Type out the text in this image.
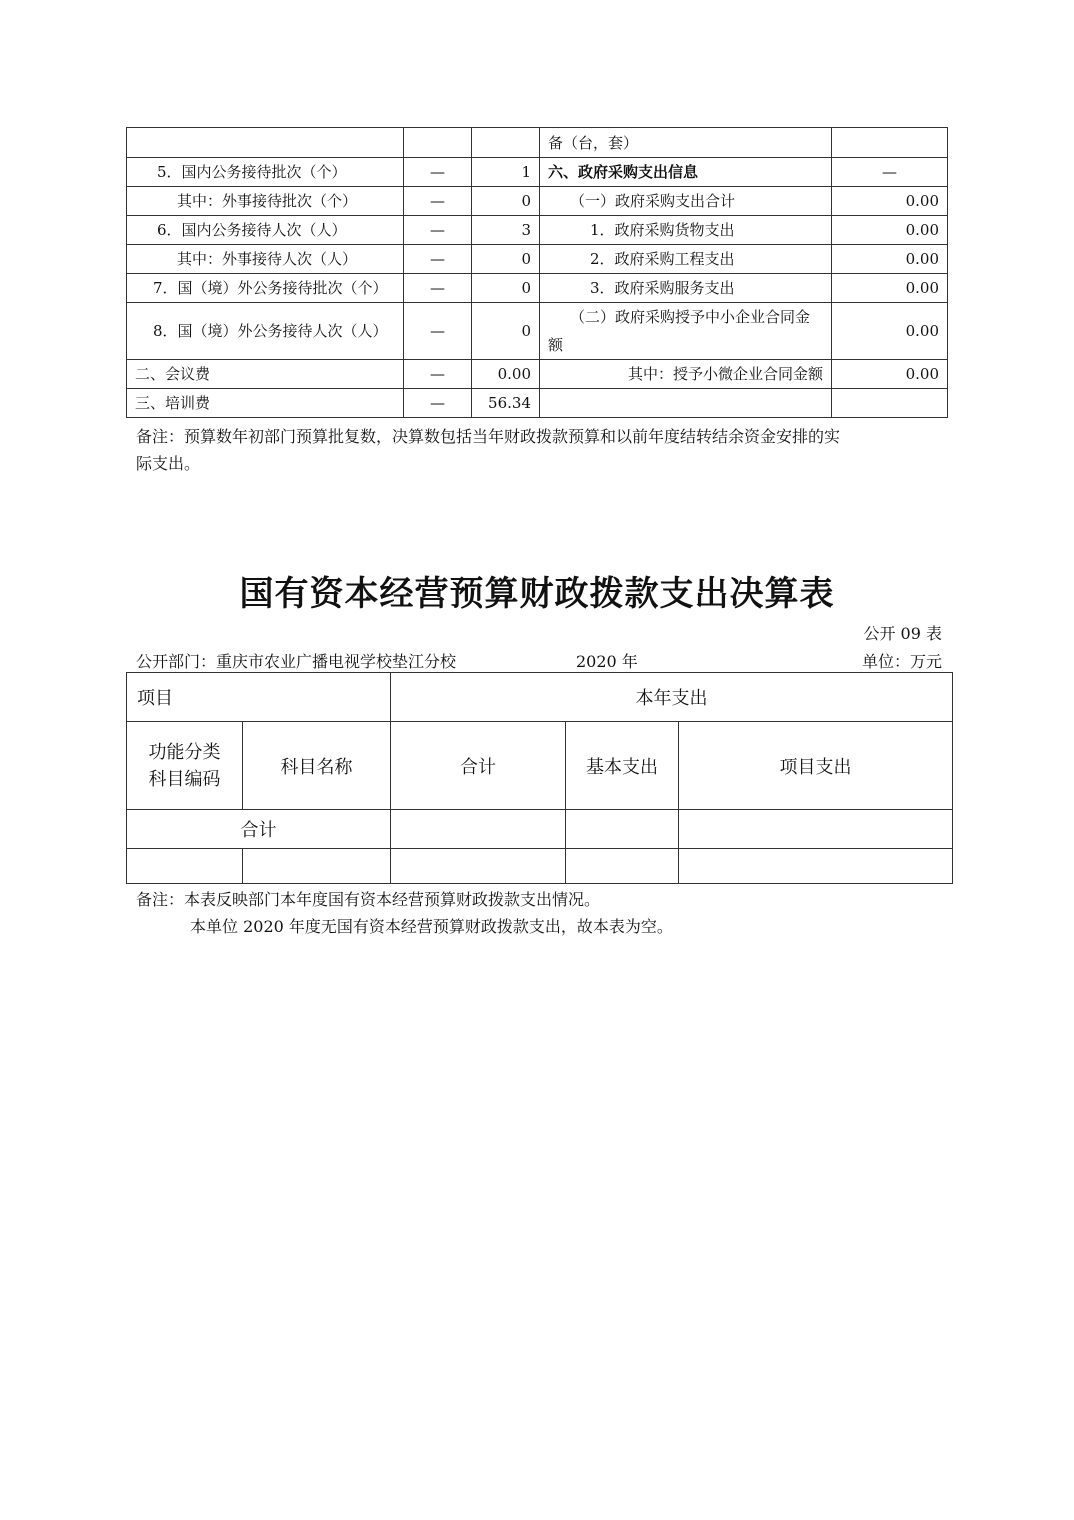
			备（台，套）	
5．国内公务接待批次（个）	—	1	六、政府采购支出信息	—
其中：外事接待批次（个）	—	0	（一）政府采购支出合计	0.00
6．国内公务接待人次（人）	—	3	1．政府采购货物支出	0.00
其中：外事接待人次（人）	—	0	2．政府采购工程支出	0.00
7．国（境）外公务接待批次（个）	—	0	3．政府采购服务支出	0.00
8．国（境）外公务接待人次（人）	—	0	（二）政府采购授予中小企业合同金额	0.00
二、会议费	—	0.00	其中：授予小微企业合同金额	0.00
三、培训费	—	56.34		
备注：预算数年初部门预算批复数，决算数包括当年财政拨款预算和以前年度结转结余资金安排的实
际支出。
国有资本经营预算财政拨款支出决算表
公开 09 表
公开部门：重庆市农业广播电视学校垫江分校	2020 年	单位：万元
项目		本年支出		

功能分类
科目编码	科目名称	合计	基本支出	项目支出
合计				

备注：本表反映部门本年度国有资本经营预算财政拨款支出情况。
本单位 2020 年度无国有资本经营预算财政拨款支出，故本表为空。
